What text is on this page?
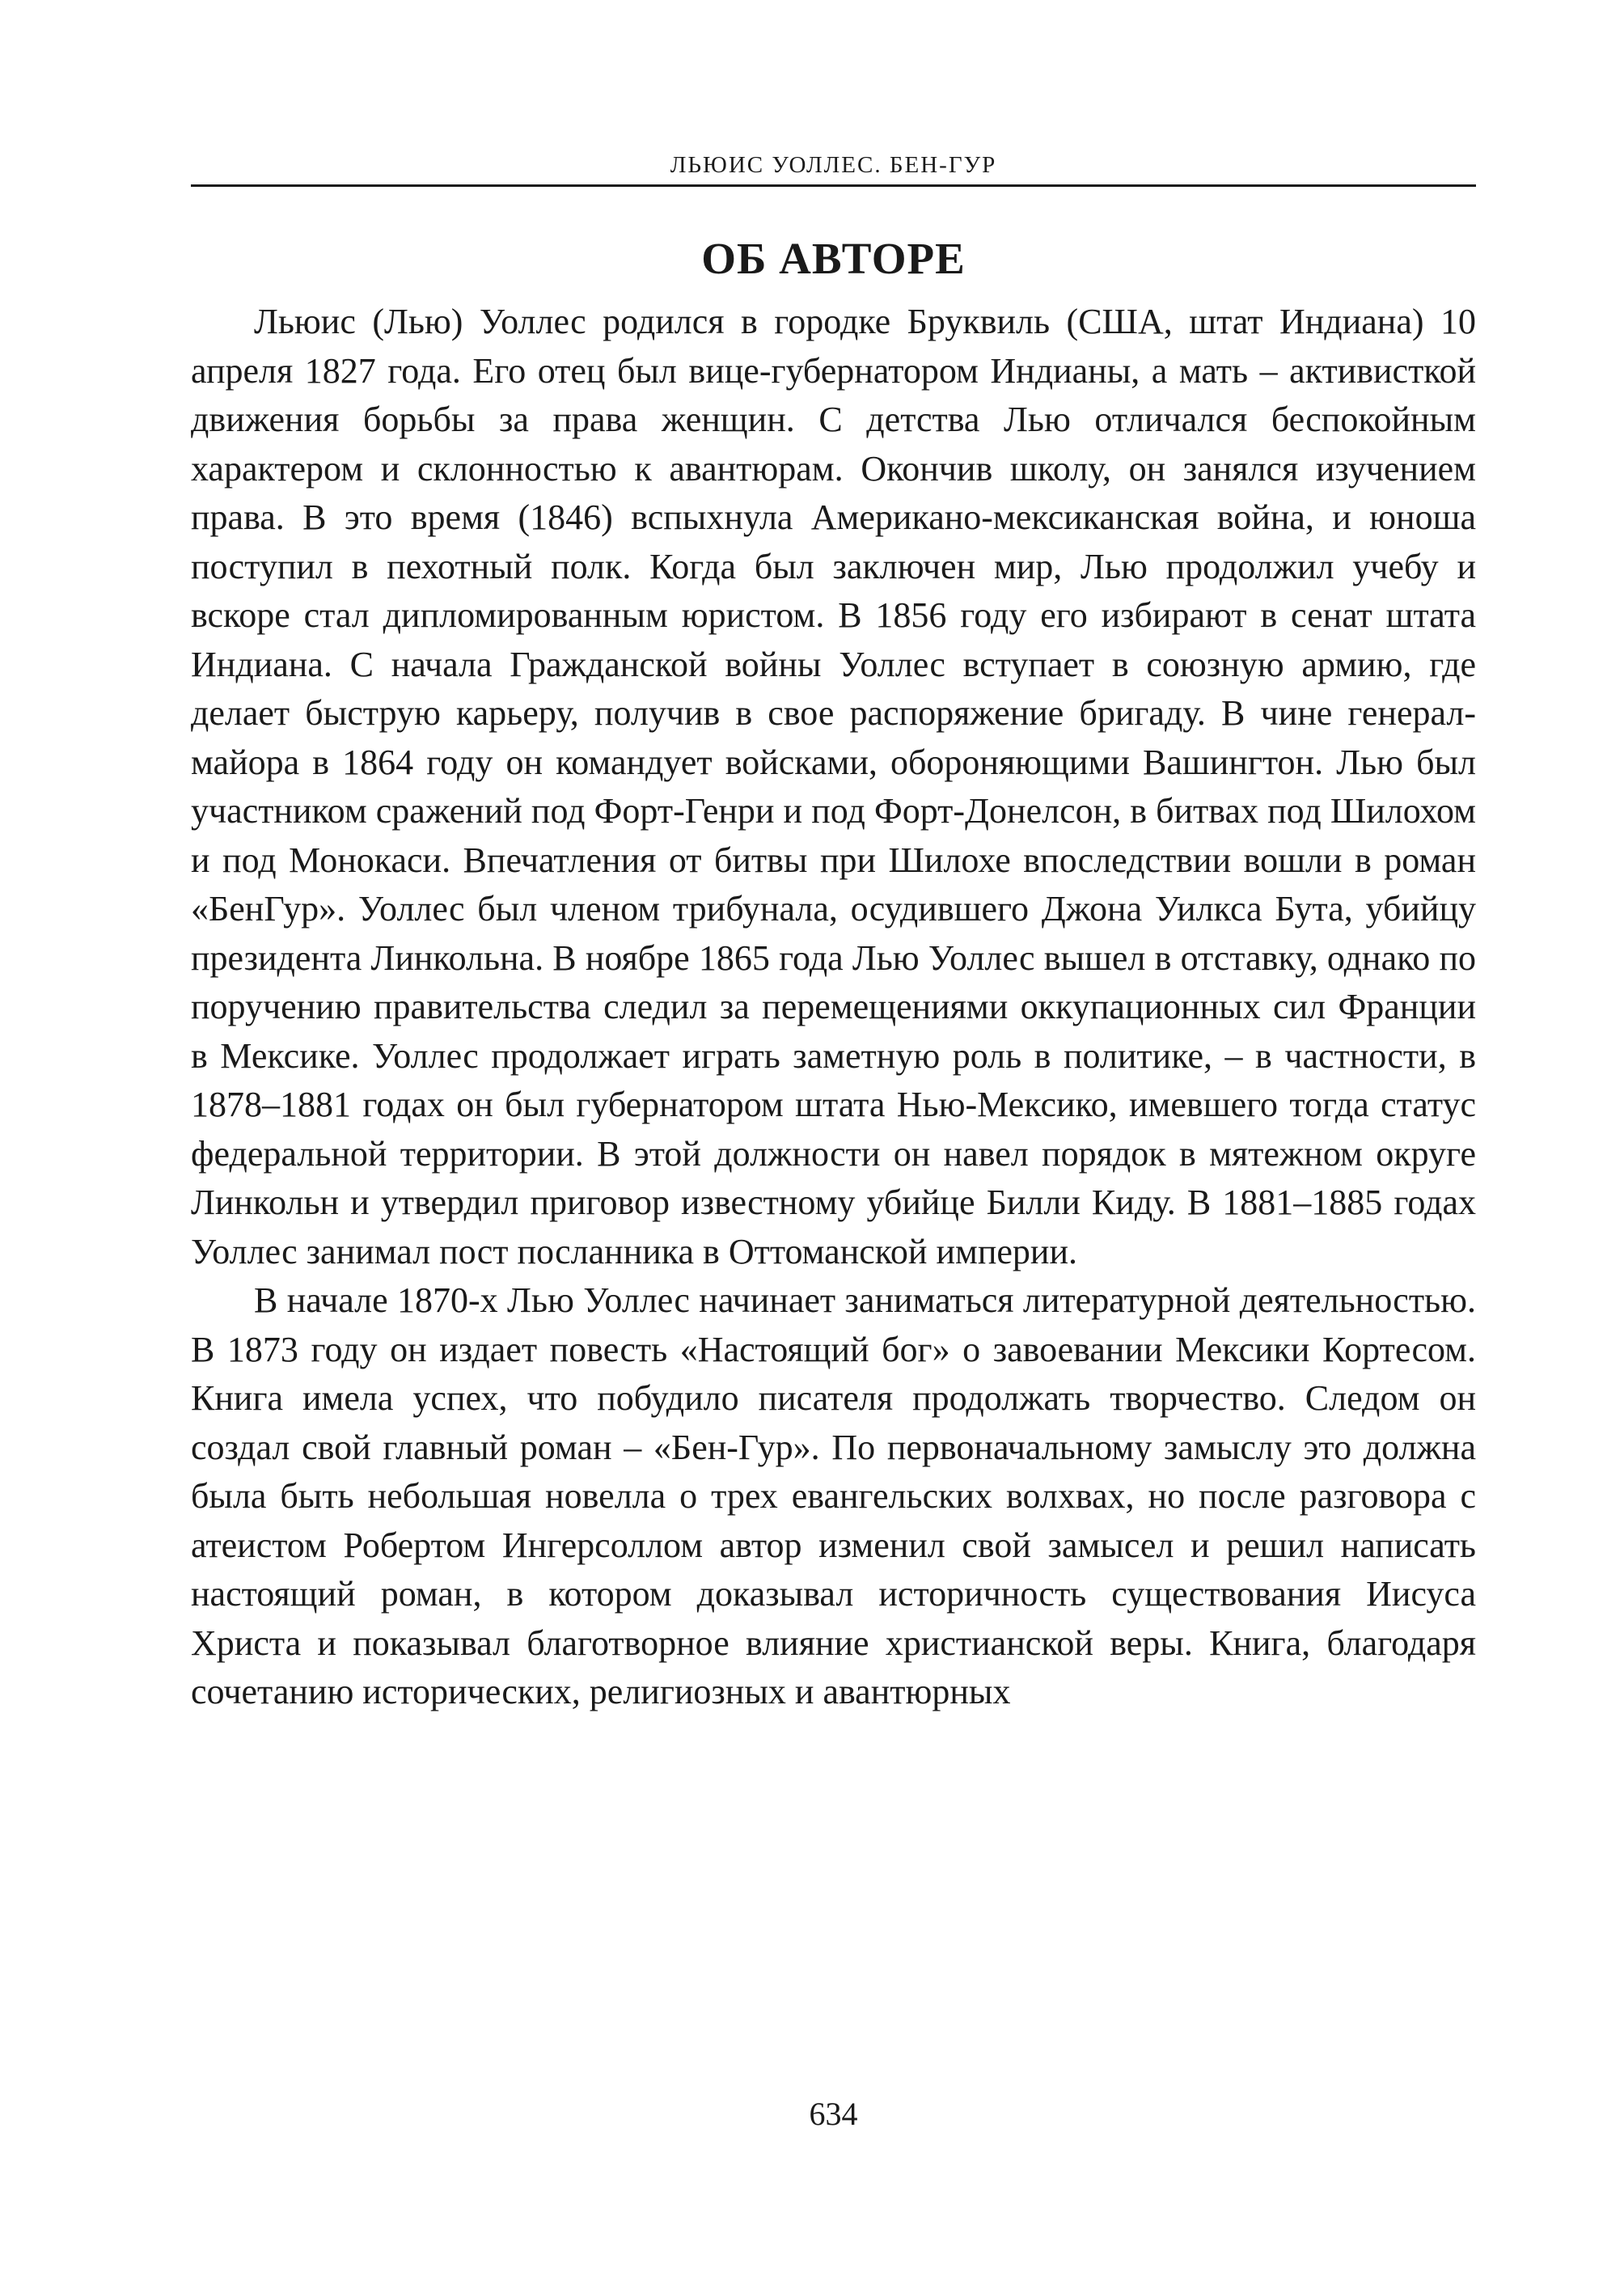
ЛЬЮИС УОЛЛЕС. БЕН-ГУР
ОБ АВТОРЕ

Льюис (Лью) Уоллес родился в городке Бруквиль (США, штат Индиана) 10 апреля 1827 года. Его отец был вице-губернатором Индианы, а мать – активисткой движения борьбы за права женщин. С детства Лью отличался беспокойным характером и склонностью к авантюрам. Окончив школу, он занялся изучением права. В это время (1846) вспыхнула Американо-мексиканская война, и юноша поступил в пехотный полк. Когда был заключен мир, Лью продолжил учебу и вскоре стал дипломированным юристом. В 1856 году его избирают в сенат штата Индиана. С начала Гражданской войны Уоллес вступает в союзную армию, где делает быструю карьеру, получив в свое распоряжение бригаду. В чине генерал-майора в 1864 году он командует войсками, обороняющими Вашингтон. Лью был участником сражений под Форт-Генри и под Форт-Донелсон, в битвах под Шилохом и под Монокаси. Впечатления от битвы при Шилохе впоследствии вошли в роман «БенГур». Уоллес был членом трибунала, осудившего Джона Уилкса Бута, убийцу президента Линкольна. В ноябре 1865 года Лью Уоллес вышел в отставку, однако по поручению правительства следил за перемещениями оккупационных сил Франции в Мексике. Уоллес продолжает играть заметную роль в политике, – в частности, в 1878–1881 годах он был губернатором штата Нью-Мексико, имевшего тогда статус федеральной территории. В этой должности он навел порядок в мятежном округе Линкольн и утвердил приговор известному убийце Билли Киду. В 1881–1885 годах Уоллес занимал пост посланника в Оттоманской империи.

В начале 1870-х Лью Уоллес начинает заниматься литературной деятельностью. В 1873 году он издает повесть «Настоящий бог» о завоевании Мексики Кортесом. Книга имела успех, что побудило писателя продолжать творчество. Следом он создал свой главный роман – «Бен-Гур». По первоначальному замыслу это должна была быть небольшая новелла о трех евангельских волхвах, но после разговора с атеистом Робертом Ингерсоллом автор изменил свой замысел и решил написать настоящий роман, в котором доказывал историчность существования Иисуса Христа и показывал благотворное влияние христианской веры. Книга, благодаря сочетанию исторических, религиозных и авантюрных

634
